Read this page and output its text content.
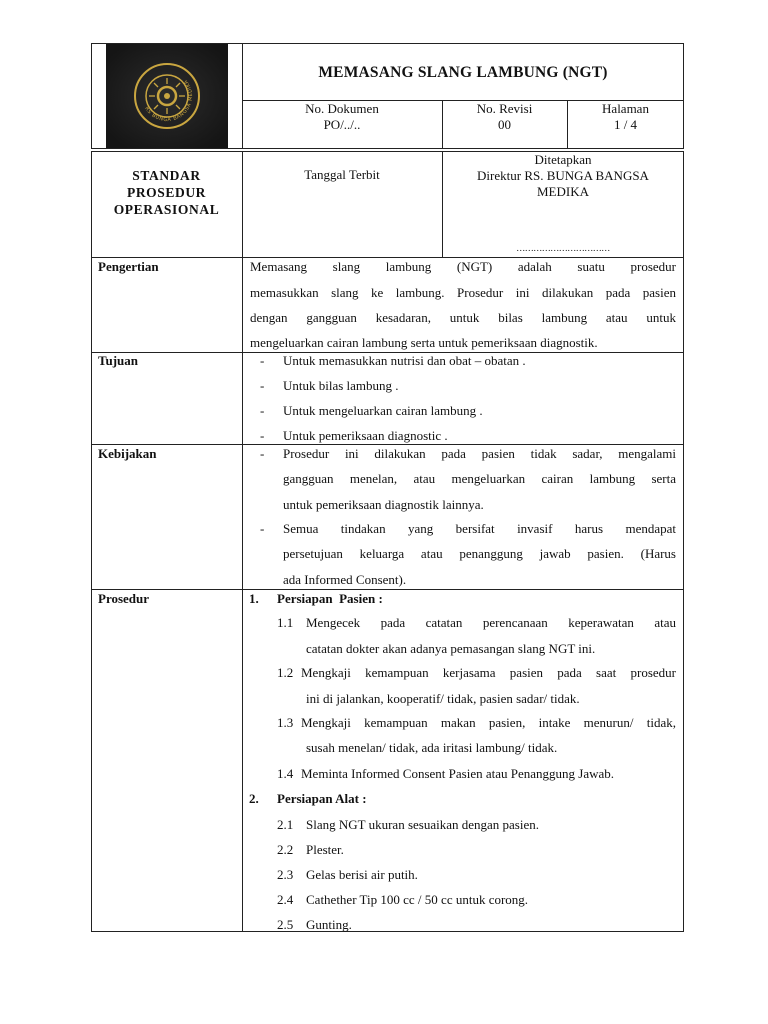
RS BUNGA BANGSA MEDIKA
MEMASANG SLANG LAMBUNG (NGT)
No. Dokumen
PO/../..
No. Revisi
00
Halaman
1 / 4
STANDAR
PROSEDUR
OPERASIONAL
Tanggal Terbit
Ditetapkan
Direktur RS. BUNGA BANGSA
MEDIKA
……………………………
Pengertian	Memasang slang lambung (NGT) adalah suatu prosedur
memasukkan slang ke lambung. Prosedur ini dilakukan pada pasien
dengan gangguan kesadaran, untuk bilas lambung atau untuk
mengeluarkan cairan lambung serta untuk pemeriksaan diagnostik.
Tujuan	- Untuk memasukkan nutrisi dan obat – obatan .
- Untuk bilas lambung .
- Untuk mengeluarkan cairan lambung .
- Untuk pemeriksaan diagnostic .
Kebijakan	- Prosedur ini dilakukan pada pasien tidak sadar, mengalami
gangguan menelan, atau mengeluarkan cairan lambung serta
untuk pemeriksaan diagnostik lainnya.
- Semua tindakan yang bersifat invasif harus mendapat
persetujuan keluarga atau penanggung jawab pasien. (Harus
ada Informed Consent).
Prosedur	1. Persiapan  Pasien :
1.1 Mengecek pada catatan perencanaan keperawatan atau
catatan dokter akan adanya pemasangan slang NGT ini.
1.2 Mengkaji kemampuan kerjasama pasien pada saat prosedur
ini di jalankan, kooperatif/ tidak, pasien sadar/ tidak.
1.3 Mengkaji kemampuan makan pasien, intake menurun/ tidak,
susah menelan/ tidak, ada iritasi lambung/ tidak.
1.4 Meminta Informed Consent Pasien atau Penanggung Jawab.
2. Persiapan Alat :
2.1 Slang NGT ukuran sesuaikan dengan pasien.
2.2 Plester.
2.3 Gelas berisi air putih.
2.4 Cathether Tip 100 cc / 50 cc untuk corong.
2.5 Gunting.
